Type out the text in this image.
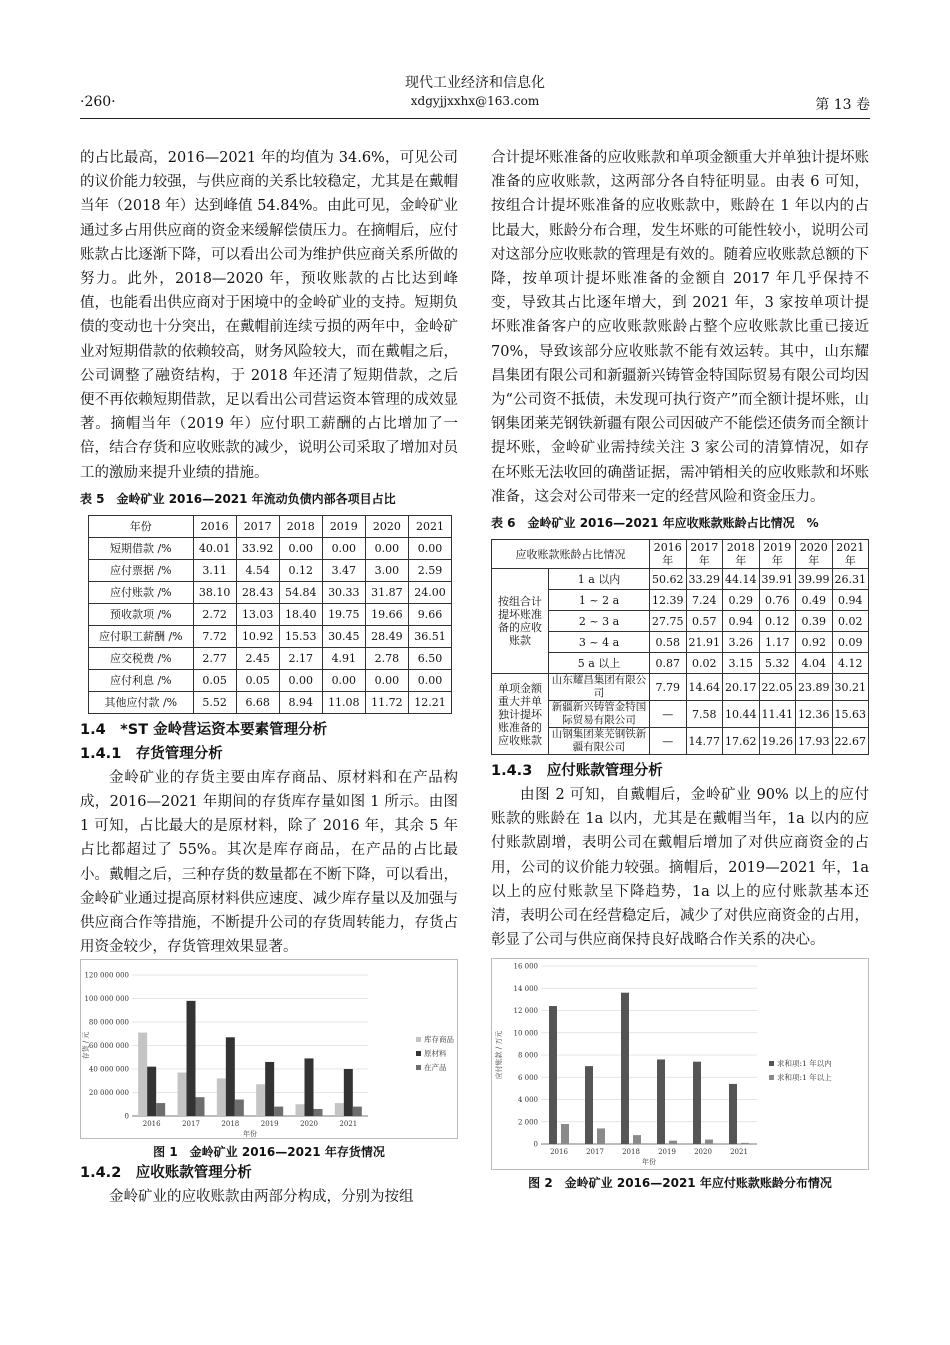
·260·
现代工业经济和信息化
xdgyjjxxhx@163.com	第 13 卷

的占比最高，2016—2021 年的均值为 34.6%，可见公司的议价能力较强，与供应商的关系比较稳定，尤其是在戴帽当年（2018 年）达到峰值 54.84%。由此可见，金岭矿业通过多占用供应商的资金来缓解偿债压力。在摘帽后，应付账款占比逐渐下降，可以看出公司为维护供应商关系所做的努力。此外，2018—2020 年，预收账款的占比达到峰值，也能看出供应商对于困境中的金岭矿业的支持。短期负债的变动也十分突出，在戴帽前连续亏损的两年中，金岭矿业对短期借款的依赖较高，财务风险较大，而在戴帽之后，公司调整了融资结构，于 2018 年还清了短期借款，之后便不再依赖短期借款，足以看出公司营运资本管理的成效显著。摘帽当年（2019 年）应付职工薪酬的占比增加了一倍，结合存货和应收账款的减少，说明公司采取了增加对员工的激励来提升业绩的措施。

表 5　金岭矿业 2016—2021 年流动负债内部各项目占比
年份	2016	2017	2018	2019	2020	2021
短期借款 /%	40.01	33.92	0.00	0.00	0.00	0.00
应付票据 /%	3.11	4.54	0.12	3.47	3.00	2.59
应付账款 /%	38.10	28.43	54.84	30.33	31.87	24.00
预收款项 /%	2.72	13.03	18.40	19.75	19.66	9.66
应付职工薪酬 /%	7.72	10.92	15.53	30.45	28.49	36.51
应交税费 /%	2.77	2.45	2.17	4.91	2.78	6.50
应付利息 /%	0.05	0.05	0.00	0.00	0.00	0.00
其他应付款 /%	5.52	6.68	8.94	11.08	11.72	12.21
1.4　*ST 金岭营运资本要素管理分析
1.4.1　存货管理分析

金岭矿业的存货主要由库存商品、原材料和在产品构成，2016—2021 年期间的存货库存量如图 1 所示。由图 1 可知，占比最大的是原材料，除了 2016 年，其余 5 年占比都超过了 55%。其次是库存商品，在产品的占比最小。戴帽之后，三种存货的数量都在不断下降，可以看出，金岭矿业通过提高原材料供应速度、减少库存量以及加强与供应商合作等措施，不断提升公司的存货周转能力，存货占用资金较少，存货管理效果显著。

0
20 000 000
40 000 000
60 000 000
80 000 000
100 000 000
120 000 000
2016	2017	2018	2019	2020	2021
年份
存货 / 元	库存商品
原材料
在产品
图 1　金岭矿业 2016—2021 年存货情况
1.4.2　应收账款管理分析

金岭矿业的应收账款由两部分构成，分别为按组

合计提坏账准备的应收账款和单项金额重大并单独计提坏账准备的应收账款，这两部分各自特征明显。由表 6 可知，按组合计提坏账准备的应收账款中，账龄在 1 年以内的占比最大，账龄分布合理，发生坏账的可能性较小，说明公司对这部分应收账款的管理是有效的。随着应收账款总额的下降，按单项计提坏账准备的金额自 2017 年几乎保持不变，导致其占比逐年增大，到 2021 年，3 家按单项计提坏账准备客户的应收账款账龄占整个应收账款比重已接近 70%，导致该部分应收账款不能有效运转。其中，山东耀昌集团有限公司和新疆新兴铸管金特国际贸易有限公司均因为“公司资不抵债，未发现可执行资产”而全额计提坏账，山钢集团莱芜钢铁新疆有限公司因破产不能偿还债务而全额计提坏账，金岭矿业需持续关注 3 家公司的清算情况，如存在坏账无法收回的确凿证据，需冲销相关的应收账款和坏账准备，这会对公司带来一定的经营风险和资金压力。

表 6　金岭矿业 2016—2021 年应收账款账龄占比情况　%
应收账款账龄占比情况		2016 年	2017 年	2018 年	2019 年	2020 年	2021 年
按组合计提坏账准备的应收账款	1 a 以内	50.62	33.29	44.14	39.91	39.99	26.31
	1 ~ 2 a	12.39	7.24	0.29	0.76	0.49	0.94
	2 ~ 3 a	27.75	0.57	0.94	0.12	0.39	0.02
	3 ~ 4 a	0.58	21.91	3.26	1.17	0.92	0.09
	5 a 以上	0.87	0.02	3.15	5.32	4.04	4.12
单项金额重大并单独计提坏账准备的应收账款	山东耀昌集团有限公司	7.79	14.64	20.17	22.05	23.89	30.21
	新疆新兴铸管金特国际贸易有限公司	—	7.58	10.44	11.41	12.36	15.63
	山钢集团莱芜钢铁新疆有限公司	—	14.77	17.62	19.26	17.93	22.67
1.4.3　应付账款管理分析

由图 2 可知，自戴帽后，金岭矿业 90% 以上的应付账款的账龄在 1a 以内，尤其是在戴帽当年，1a 以内的应付账款剧增，表明公司在戴帽后增加了对供应商资金的占用，公司的议价能力较强。摘帽后，2019—2021 年，1a 以上的应付账款呈下降趋势，1a 以上的应付账款基本还清，表明公司在经营稳定后，减少了对供应商资金的占用，彰显了公司与供应商保持良好战略合作关系的决心。

0
2 000
4 000
6 000
8 000
10 000
12 000
14 000
16 000
2016	2017	2018	2019	2020	2021
年份
应付账款 / 万元	求和项:1 年以内
求和项:1 年以上
图 2　金岭矿业 2016—2021 年应付账款账龄分布情况
